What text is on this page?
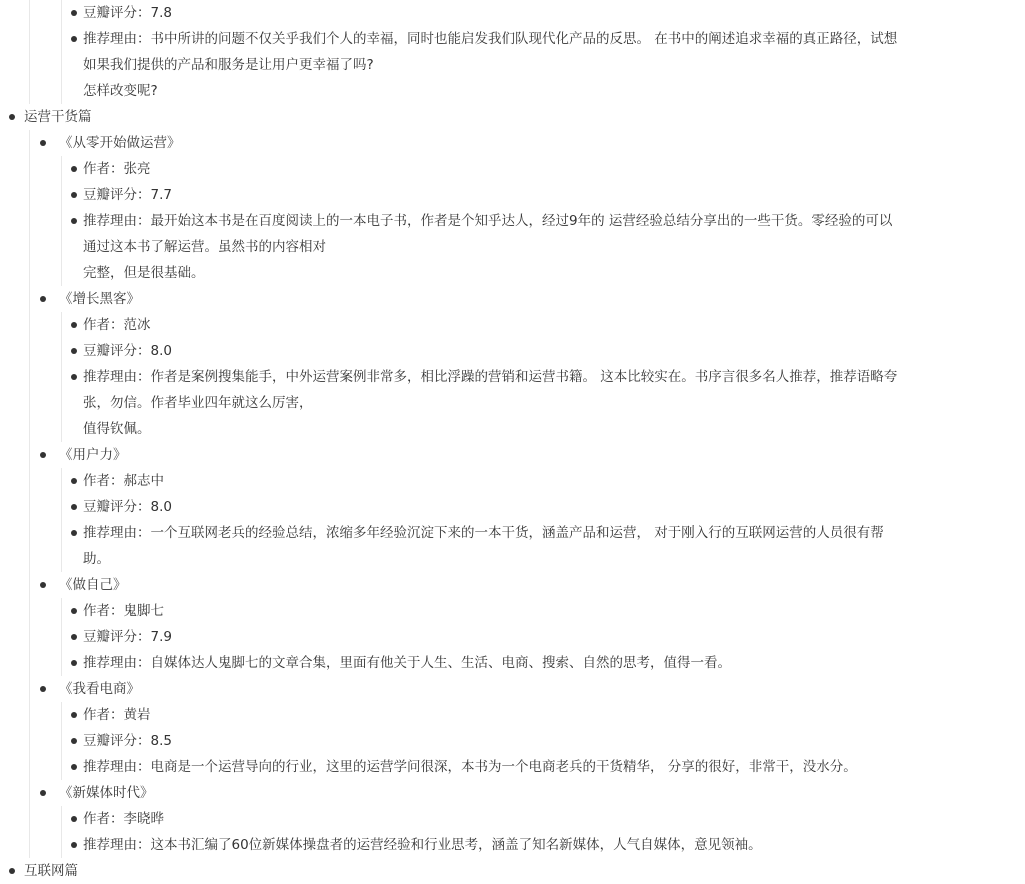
豆瓣评分：7.8
推荐理由：书中所讲的问题不仅关乎我们个人的幸福，同时也能启发我们队现代化产品的反思。 在书中的阐述追求幸福的真正路径，试想
如果我们提供的产品和服务是让用户更幸福了吗?
怎样改变呢?
运营干货篇
《从零开始做运营》
作者：张亮
豆瓣评分：7.7
推荐理由：最开始这本书是在百度阅读上的一本电子书，作者是个知乎达人，经过9年的 运营经验总结分享出的一些干货。零经验的可以
通过这本书了解运营。虽然书的内容相对
完整，但是很基础。
《增长黑客》
作者：范冰
豆瓣评分：8.0
推荐理由：作者是案例搜集能手，中外运营案例非常多，相比浮躁的营销和运营书籍。 这本比较实在。书序言很多名人推荐，推荐语略夸
张，勿信。作者毕业四年就这么厉害，
值得钦佩。
《用户力》
作者：郝志中
豆瓣评分：8.0
推荐理由：一个互联网老兵的经验总结，浓缩多年经验沉淀下来的一本干货，涵盖产品和运营， 对于刚入行的互联网运营的人员很有帮
助。
《做自己》
作者：鬼脚七
豆瓣评分：7.9
推荐理由：自媒体达人鬼脚七的文章合集，里面有他关于人生、生活、电商、搜索、自然的思考，值得一看。
《我看电商》
作者：黄岩
豆瓣评分：8.5
推荐理由：电商是一个运营导向的行业，这里的运营学问很深，本书为一个电商老兵的干货精华， 分享的很好，非常干，没水分。
《新媒体时代》
作者：李晓晔
推荐理由：这本书汇编了60位新媒体操盘者的运营经验和行业思考，涵盖了知名新媒体，人气自媒体，意见领袖。
互联网篇
